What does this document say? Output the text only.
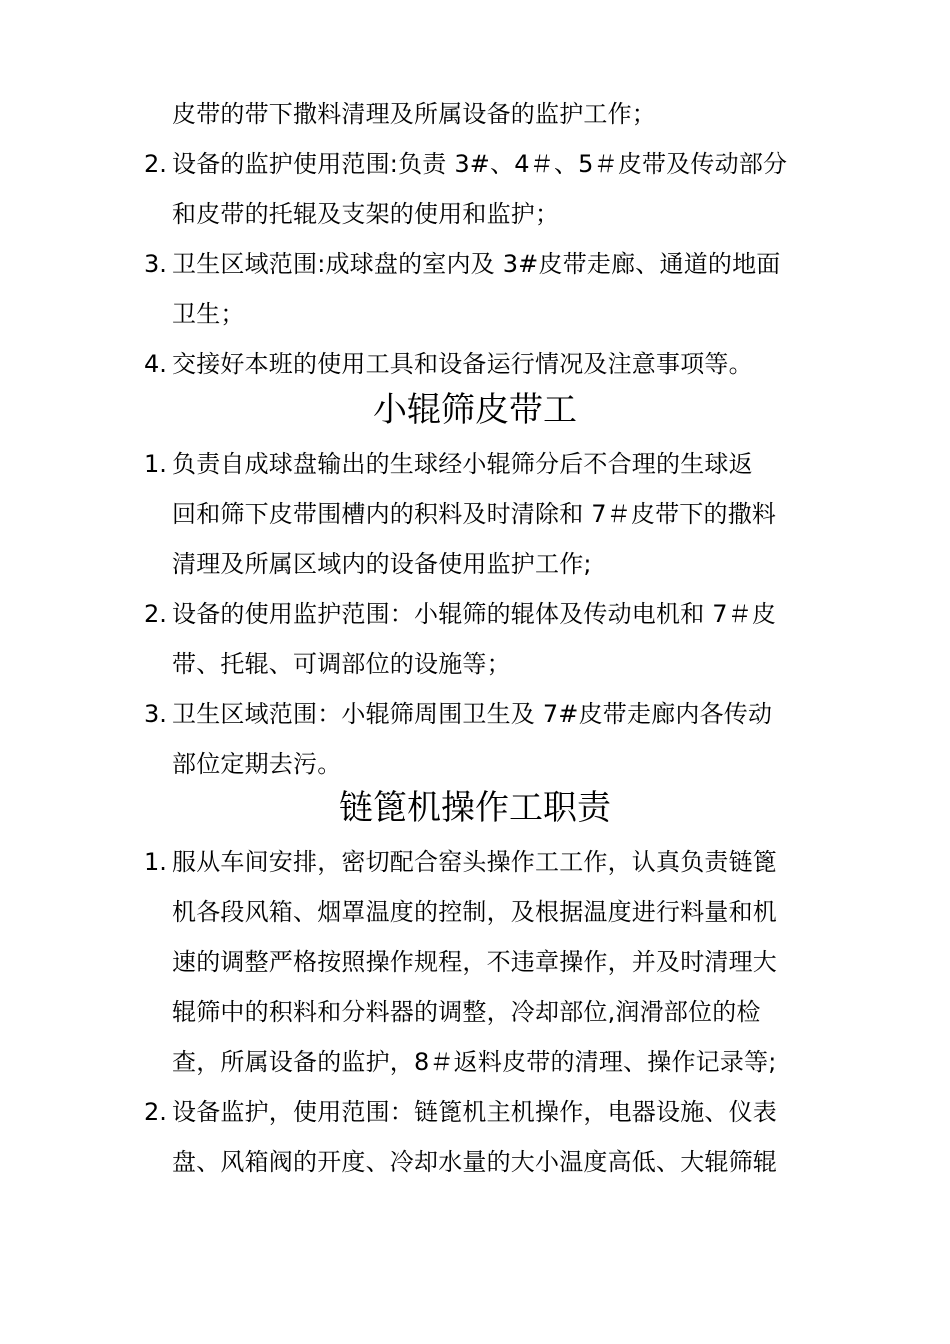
皮带的带下撒料清理及所属设备的监护工作；
2. 设备的监护使用范围:负责 3#、4＃、5＃皮带及传动部分
和皮带的托辊及支架的使用和监护；
3. 卫生区域范围:成球盘的室内及 3#皮带走廊、通道的地面
卫生；
4. 交接好本班的使用工具和设备运行情况及注意事项等。
小辊筛皮带工
1. 负责自成球盘输出的生球经小辊筛分后不合理的生球返
回和筛下皮带围槽内的积料及时清除和 7＃皮带下的撒料
清理及所属区域内的设备使用监护工作;
2. 设备的使用监护范围：小辊筛的辊体及传动电机和 7＃皮
带、托辊、可调部位的设施等；
3. 卫生区域范围：小辊筛周围卫生及 7#皮带走廊内各传动
部位定期去污。
链篦机操作工职责
1. 服从车间安排，密切配合窑头操作工工作，认真负责链篦
机各段风箱、烟罩温度的控制，及根据温度进行料量和机
速的调整严格按照操作规程，不违章操作，并及时清理大
辊筛中的积料和分料器的调整，冷却部位,润滑部位的检
查，所属设备的监护，8＃返料皮带的清理、操作记录等;
2. 设备监护，使用范围：链篦机主机操作，电器设施、仪表
盘、风箱阀的开度、冷却水量的大小温度高低、大辊筛辊
